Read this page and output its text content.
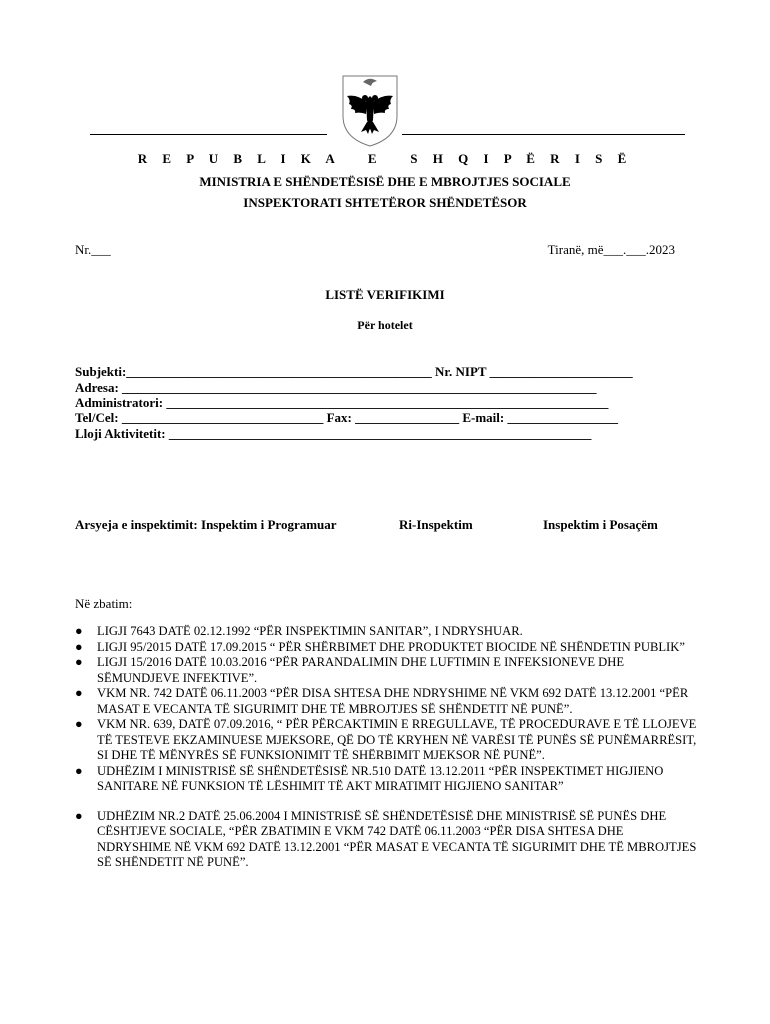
R E P U B L I K A   E   S H Q I P Ë R I S Ë
MINISTRIA E SHËNDETËSISË DHE E MBROJTJES SOCIALE
INSPEKTORATI SHTETËROR SHËNDETËSOR
Nr.___	Tiranë, më___.___.2023
LISTË VERIFIKIMI
Për hotelet
Subjekti:_______________________________________________ Nr. NIPT ______________________
Adresa: _________________________________________________________________________
Administratori: ____________________________________________________________________
Tel/Cel: _______________________________ Fax: ________________ E-mail: _________________
Lloji Aktivitetit: _________________________________________________________________
Arsyeja e inspektimit: Inspektim i Programuar	Ri-Inspektim	Inspektim i Posaçëm
Në zbatim:
● LIGJI 7643 DATË 02.12.1992 “PËR INSPEKTIMIN SANITAR”, I NDRYSHUAR.
● LIGJI 95/2015 DATË 17.09.2015 “ PËR SHËRBIMET DHE PRODUKTET BIOCIDE NË SHËNDETIN PUBLIK”
● LIGJI 15/2016 DATË 10.03.2016 “PËR PARANDALIMIN DHE LUFTIMIN E INFEKSIONEVE DHE SËMUNDJEVE INFEKTIVE”.
● VKM NR. 742 DATË 06.11.2003 “PËR DISA SHTESA DHE NDRYSHIME NË VKM 692 DATË 13.12.2001 “PËR MASAT E VECANTA TË SIGURIMIT DHE TË MBROJTJES SË SHËNDETIT NË PUNË”.
● VKM NR. 639, DATË 07.09.2016, “ PËR PËRCAKTIMIN E RREGULLAVE, TË PROCEDURAVE E TË LLOJEVE TË TESTEVE EKZAMINUESE MJEKSORE, QË DO TË KRYHEN NË VARËSI TË PUNËS SË PUNËMARRËSIT, SI DHE TË MËNYRËS SË FUNKSIONIMIT TË SHËRBIMIT MJEKSOR NË PUNË”.
● UDHËZIM I MINISTRISË SË SHËNDETËSISË NR.510 DATË 13.12.2011 “PËR INSPEKTIMET HIGJIENO SANITARE NË FUNKSION TË LËSHIMIT TË AKT MIRATIMIT HIGJIENO SANITAR”
● UDHËZIM NR.2 DATË 25.06.2004 I MINISTRISË SË SHËNDETËSISË DHE MINISTRISË SË PUNËS DHE CËSHTJEVE SOCIALE, “PËR ZBATIMIN E VKM 742 DATË 06.11.2003 “PËR DISA SHTESA DHE NDRYSHIME NË VKM 692 DATË 13.12.2001 “PËR MASAT E VECANTA TË SIGURIMIT DHE TË MBROJTJES SË SHËNDETIT NË PUNË”.
